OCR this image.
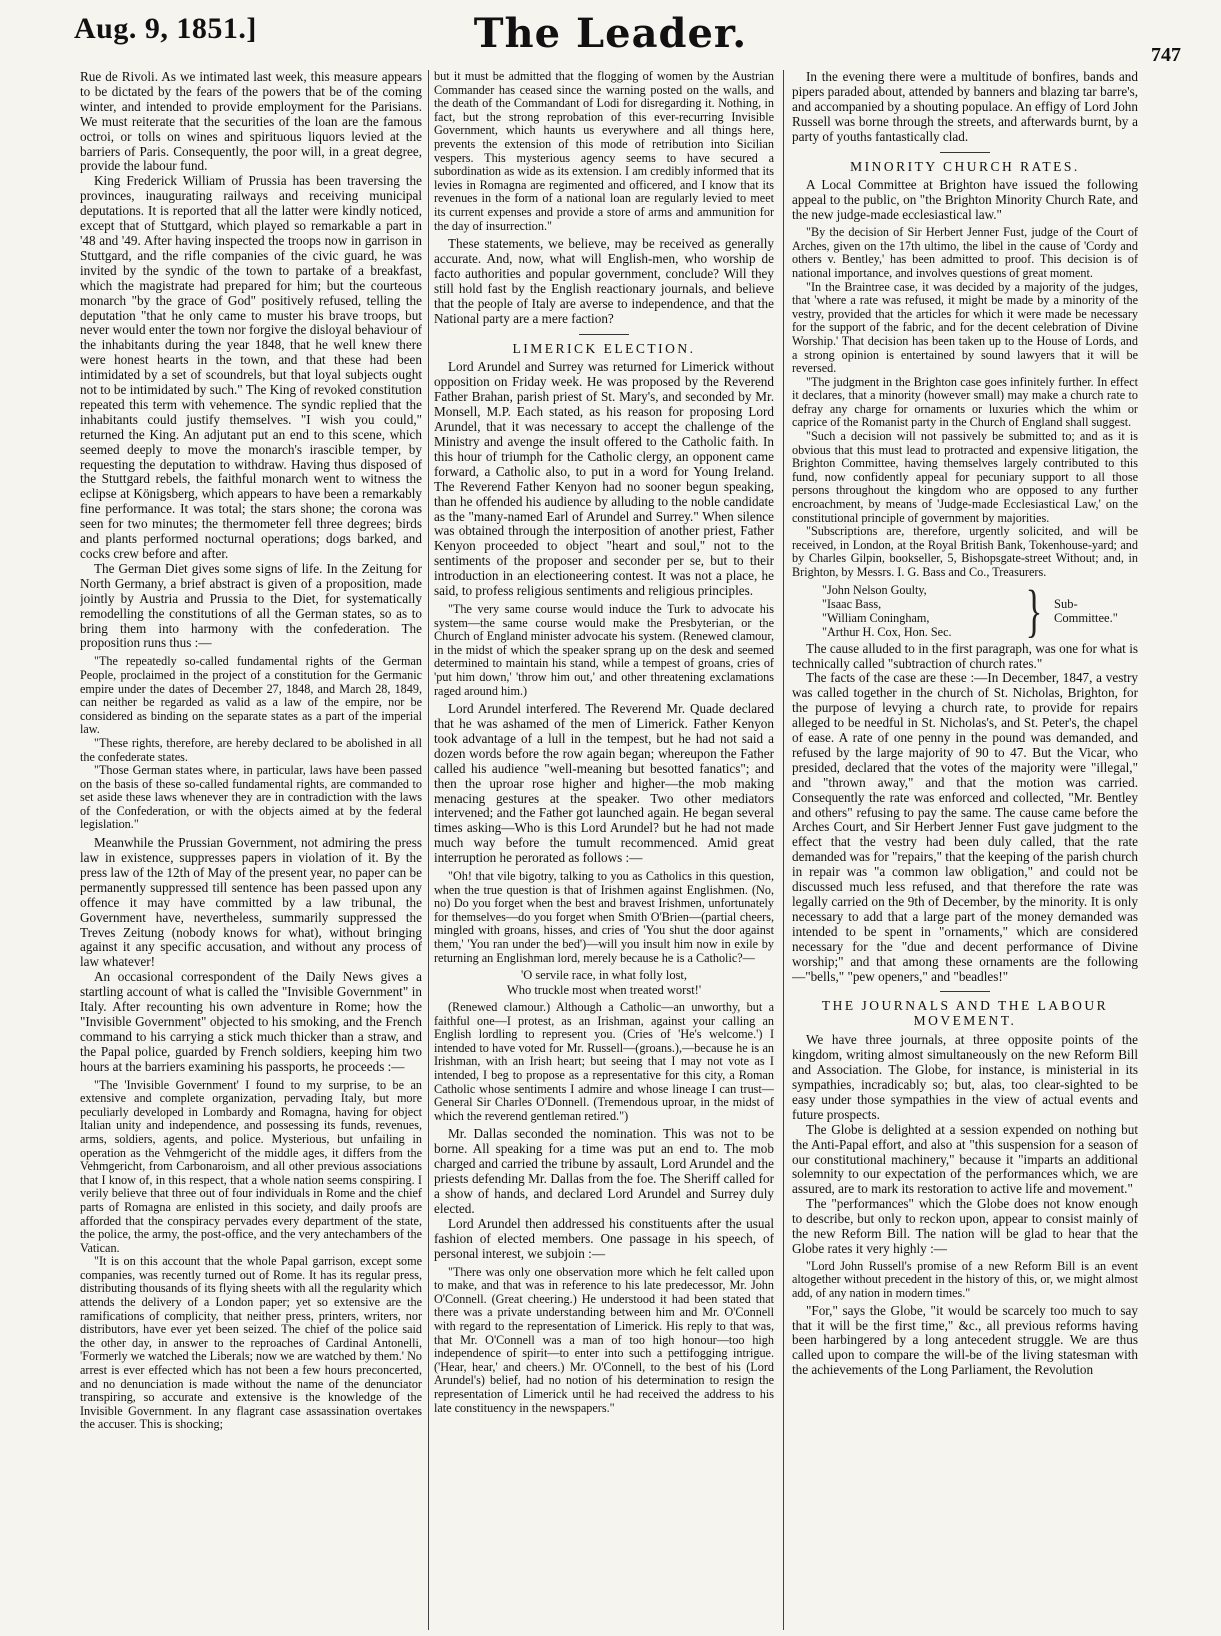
Aug. 9, 1851.]	The Leader.	747

Rue de Rivoli. As we intimated last week, this measure appears to be dictated by the fears of the powers that be of the coming winter, and intended to provide employment for the Parisians. We must reiterate that the securities of the loan are the famous octroi, or tolls on wines and spirituous liquors levied at the barriers of Paris. Consequently, the poor will, in a great degree, provide the labour fund.

King Frederick William of Prussia has been traversing the provinces, inaugurating railways and receiving municipal deputations. It is reported that all the latter were kindly noticed, except that of Stuttgard, which played so remarkable a part in '48 and '49. After having inspected the troops now in garrison in Stuttgard, and the rifle companies of the civic guard, he was invited by the syndic of the town to partake of a breakfast, which the magistrate had prepared for him; but the courteous monarch "by the grace of God" positively refused, telling the deputation "that he only came to muster his brave troops, but never would enter the town nor forgive the disloyal behaviour of the inhabitants during the year 1848, that he well knew there were honest hearts in the town, and that these had been intimidated by a set of scoundrels, but that loyal subjects ought not to be intimidated by such." The King of revoked constitution repeated this term with vehemence. The syndic replied that the inhabitants could justify themselves. "I wish you could," returned the King. An adjutant put an end to this scene, which seemed deeply to move the monarch's irascible temper, by requesting the deputation to withdraw. Having thus disposed of the Stuttgard rebels, the faithful monarch went to witness the eclipse at Königsberg, which appears to have been a remarkably fine performance. It was total; the stars shone; the corona was seen for two minutes; the thermometer fell three degrees; birds and plants performed nocturnal operations; dogs barked, and cocks crew before and after.

The German Diet gives some signs of life. In the Zeitung for North Germany, a brief abstract is given of a proposition, made jointly by Austria and Prussia to the Diet, for systematically remodelling the constitutions of all the German states, so as to bring them into harmony with the confederation. The proposition runs thus :—

"The repeatedly so-called fundamental rights of the German People, proclaimed in the project of a constitution for the Germanic empire under the dates of December 27, 1848, and March 28, 1849, can neither be regarded as valid as a law of the empire, nor be considered as binding on the separate states as a part of the imperial law.

"These rights, therefore, are hereby declared to be abolished in all the confederate states.

"Those German states where, in particular, laws have been passed on the basis of these so-called fundamental rights, are commanded to set aside these laws whenever they are in contradiction with the laws of the Confederation, or with the objects aimed at by the federal legislation."

Meanwhile the Prussian Government, not admiring the press law in existence, suppresses papers in violation of it. By the press law of the 12th of May of the present year, no paper can be permanently suppressed till sentence has been passed upon any offence it may have committed by a law tribunal, the Government have, nevertheless, summarily suppressed the Treves Zeitung (nobody knows for what), without bringing against it any specific accusation, and without any process of law whatever!

An occasional correspondent of the Daily News gives a startling account of what is called the "Invisible Government" in Italy. After recounting his own adventure in Rome; how the "Invisible Government" objected to his smoking, and the French command to his carrying a stick much thicker than a straw, and the Papal police, guarded by French soldiers, keeping him two hours at the barriers examining his passports, he proceeds :—

"The 'Invisible Government' I found to my surprise, to be an extensive and complete organization, pervading Italy, but more peculiarly developed in Lombardy and Romagna, having for object Italian unity and independence, and possessing its funds, revenues, arms, soldiers, agents, and police. Mysterious, but unfailing in operation as the Vehmgericht of the middle ages, it differs from the Vehmgericht, from Carbonaroism, and all other previous associations that I know of, in this respect, that a whole nation seems conspiring. I verily believe that three out of four individuals in Rome and the chief parts of Romagna are enlisted in this society, and daily proofs are afforded that the conspiracy pervades every department of the state, the police, the army, the post-office, and the very antechambers of the Vatican.

"It is on this account that the whole Papal garrison, except some companies, was recently turned out of Rome. It has its regular press, distributing thousands of its flying sheets with all the regularity which attends the delivery of a London paper; yet so extensive are the ramifications of complicity, that neither press, printers, writers, nor distributors, have ever yet been seized. The chief of the police said the other day, in answer to the reproaches of Cardinal Antonelli, 'Formerly we watched the Liberals; now we are watched by them.' No arrest is ever effected which has not been a few hours preconcerted, and no denunciation is made without the name of the denunciator transpiring, so accurate and extensive is the knowledge of the Invisible Government. In any flagrant case assassination overtakes the accuser. This is shocking;

but it must be admitted that the flogging of women by the Austrian Commander has ceased since the warning posted on the walls, and the death of the Commandant of Lodi for disregarding it. Nothing, in fact, but the strong reprobation of this ever-recurring Invisible Government, which haunts us everywhere and all things here, prevents the extension of this mode of retribution into Sicilian vespers. This mysterious agency seems to have secured a subordination as wide as its extension. I am credibly informed that its levies in Romagna are regimented and officered, and I know that its revenues in the form of a national loan are regularly levied to meet its current expenses and provide a store of arms and ammunition for the day of insurrection."

These statements, we believe, may be received as generally accurate. And, now, what will English-men, who worship de facto authorities and popular government, conclude? Will they still hold fast by the English reactionary journals, and believe that the people of Italy are averse to independence, and that the National party are a mere faction?

LIMERICK ELECTION.

Lord Arundel and Surrey was returned for Limerick without opposition on Friday week. He was proposed by the Reverend Father Brahan, parish priest of St. Mary's, and seconded by Mr. Monsell, M.P. Each stated, as his reason for proposing Lord Arundel, that it was necessary to accept the challenge of the Ministry and avenge the insult offered to the Catholic faith. In this hour of triumph for the Catholic clergy, an opponent came forward, a Catholic also, to put in a word for Young Ireland. The Reverend Father Kenyon had no sooner begun speaking, than he offended his audience by alluding to the noble candidate as the "many-named Earl of Arundel and Surrey." When silence was obtained through the interposition of another priest, Father Kenyon proceeded to object "heart and soul," not to the sentiments of the proposer and seconder per se, but to their introduction in an electioneering contest. It was not a place, he said, to profess religious sentiments and religious principles.

"The very same course would induce the Turk to advocate his system—the same course would make the Presbyterian, or the Church of England minister advocate his system. (Renewed clamour, in the midst of which the speaker sprang up on the desk and seemed determined to maintain his stand, while a tempest of groans, cries of 'put him down,' 'throw him out,' and other threatening exclamations raged around him.)

Lord Arundel interfered. The Reverend Mr. Quade declared that he was ashamed of the men of Limerick. Father Kenyon took advantage of a lull in the tempest, but he had not said a dozen words before the row again began; whereupon the Father called his audience "well-meaning but besotted fanatics"; and then the uproar rose higher and higher—the mob making menacing gestures at the speaker. Two other mediators intervened; and the Father got launched again. He began several times asking—Who is this Lord Arundel? but he had not made much way before the tumult recommenced. Amid great interruption he perorated as follows :—

"Oh! that vile bigotry, talking to you as Catholics in this question, when the true question is that of Irishmen against Englishmen. (No, no) Do you forget when the best and bravest Irishmen, unfortunately for themselves—do you forget when Smith O'Brien—(partial cheers, mingled with groans, hisses, and cries of 'You shut the door against them,' 'You ran under the bed')—will you insult him now in exile by returning an Englishman lord, merely because he is a Catholic?—

'O servile race, in what folly lost,

Who truckle most when treated worst!'

(Renewed clamour.) Although a Catholic—an unworthy, but a faithful one—I protest, as an Irishman, against your calling an English lordling to represent you. (Cries of 'He's welcome.') I intended to have voted for Mr. Russell—(groans.),—because he is an Irishman, with an Irish heart; but seeing that I may not vote as I intended, I beg to propose as a representative for this city, a Roman Catholic whose sentiments I admire and whose lineage I can trust—General Sir Charles O'Donnell. (Tremendous uproar, in the midst of which the reverend gentleman retired.")

Mr. Dallas seconded the nomination. This was not to be borne. All speaking for a time was put an end to. The mob charged and carried the tribune by assault, Lord Arundel and the priests defending Mr. Dallas from the foe. The Sheriff called for a show of hands, and declared Lord Arundel and Surrey duly elected.

Lord Arundel then addressed his constituents after the usual fashion of elected members. One passage in his speech, of personal interest, we subjoin :—

"There was only one observation more which he felt called upon to make, and that was in reference to his late predecessor, Mr. John O'Connell. (Great cheering.) He understood it had been stated that there was a private understanding between him and Mr. O'Connell with regard to the representation of Limerick. His reply to that was, that Mr. O'Connell was a man of too high honour—too high independence of spirit—to enter into such a pettifogging intrigue. ('Hear, hear,' and cheers.) Mr. O'Connell, to the best of his (Lord Arundel's) belief, had no notion of his determination to resign the representation of Limerick until he had received the address to his late constituency in the newspapers."

In the evening there were a multitude of bonfires, bands and pipers paraded about, attended by banners and blazing tar barre's, and accompanied by a shouting populace. An effigy of Lord John Russell was borne through the streets, and afterwards burnt, by a party of youths fantastically clad.

MINORITY CHURCH RATES.

A Local Committee at Brighton have issued the following appeal to the public, on "the Brighton Minority Church Rate, and the new judge-made ecclesiastical law."

"By the decision of Sir Herbert Jenner Fust, judge of the Court of Arches, given on the 17th ultimo, the libel in the cause of 'Cordy and others v. Bentley,' has been admitted to proof. This decision is of national importance, and involves questions of great moment.

"In the Braintree case, it was decided by a majority of the judges, that 'where a rate was refused, it might be made by a minority of the vestry, provided that the articles for which it were made be necessary for the support of the fabric, and for the decent celebration of Divine Worship.' That decision has been taken up to the House of Lords, and a strong opinion is entertained by sound lawyers that it will be reversed.

"The judgment in the Brighton case goes infinitely further. In effect it declares, that a minority (however small) may make a church rate to defray any charge for ornaments or luxuries which the whim or caprice of the Romanist party in the Church of England shall suggest.

"Such a decision will not passively be submitted to; and as it is obvious that this must lead to protracted and expensive litigation, the Brighton Committee, having themselves largely contributed to this fund, now confidently appeal for pecuniary support to all those persons throughout the kingdom who are opposed to any further encroachment, by means of 'Judge-made Ecclesiastical Law,' on the constitutional principle of government by majorities.

"Subscriptions are, therefore, urgently solicited, and will be received, in London, at the Royal British Bank, Tokenhouse-yard; and by Charles Gilpin, bookseller, 5, Bishopsgate-street Without; and, in Brighton, by Messrs. I. G. Bass and Co., Treasurers.

"John Nelson Goulty,
"Isaac Bass,
"William Coningham,
"Arthur H. Cox, Hon. Sec.	} Sub-Committee."

The cause alluded to in the first paragraph, was one for what is technically called "subtraction of church rates."

The facts of the case are these :—In December, 1847, a vestry was called together in the church of St. Nicholas, Brighton, for the purpose of levying a church rate, to provide for repairs alleged to be needful in St. Nicholas's, and St. Peter's, the chapel of ease. A rate of one penny in the pound was demanded, and refused by the large majority of 90 to 47. But the Vicar, who presided, declared that the votes of the majority were "illegal," and "thrown away," and that the motion was carried. Consequently the rate was enforced and collected, "Mr. Bentley and others" refusing to pay the same. The cause came before the Arches Court, and Sir Herbert Jenner Fust gave judgment to the effect that the vestry had been duly called, that the rate demanded was for "repairs," that the keeping of the parish church in repair was "a common law obligation," and could not be discussed much less refused, and that therefore the rate was legally carried on the 9th of December, by the minority. It is only necessary to add that a large part of the money demanded was intended to be spent in "ornaments," which are considered necessary for the "due and decent performance of Divine worship;" and that among these ornaments are the following—"bells," "pew openers," and "beadles!"

THE JOURNALS AND THE LABOUR MOVEMENT.

We have three journals, at three opposite points of the kingdom, writing almost simultaneously on the new Reform Bill and Association. The Globe, for instance, is ministerial in its sympathies, incradicably so; but, alas, too clear-sighted to be easy under those sympathies in the view of actual events and future prospects.

The Globe is delighted at a session expended on nothing but the Anti-Papal effort, and also at "this suspension for a season of our constitutional machinery," because it "imparts an additional solemnity to our expectation of the performances which, we are assured, are to mark its restoration to active life and movement."

The "performances" which the Globe does not know enough to describe, but only to reckon upon, appear to consist mainly of the new Reform Bill. The nation will be glad to hear that the Globe rates it very highly :—

"Lord John Russell's promise of a new Reform Bill is an event altogether without precedent in the history of this, or, we might almost add, of any nation in modern times."

"For," says the Globe, "it would be scarcely too much to say that it will be the first time," &c., all previous reforms having been harbingered by a long antecedent struggle. We are thus called upon to compare the will-be of the living statesman with the achievements of the Long Parliament, the Revolution
